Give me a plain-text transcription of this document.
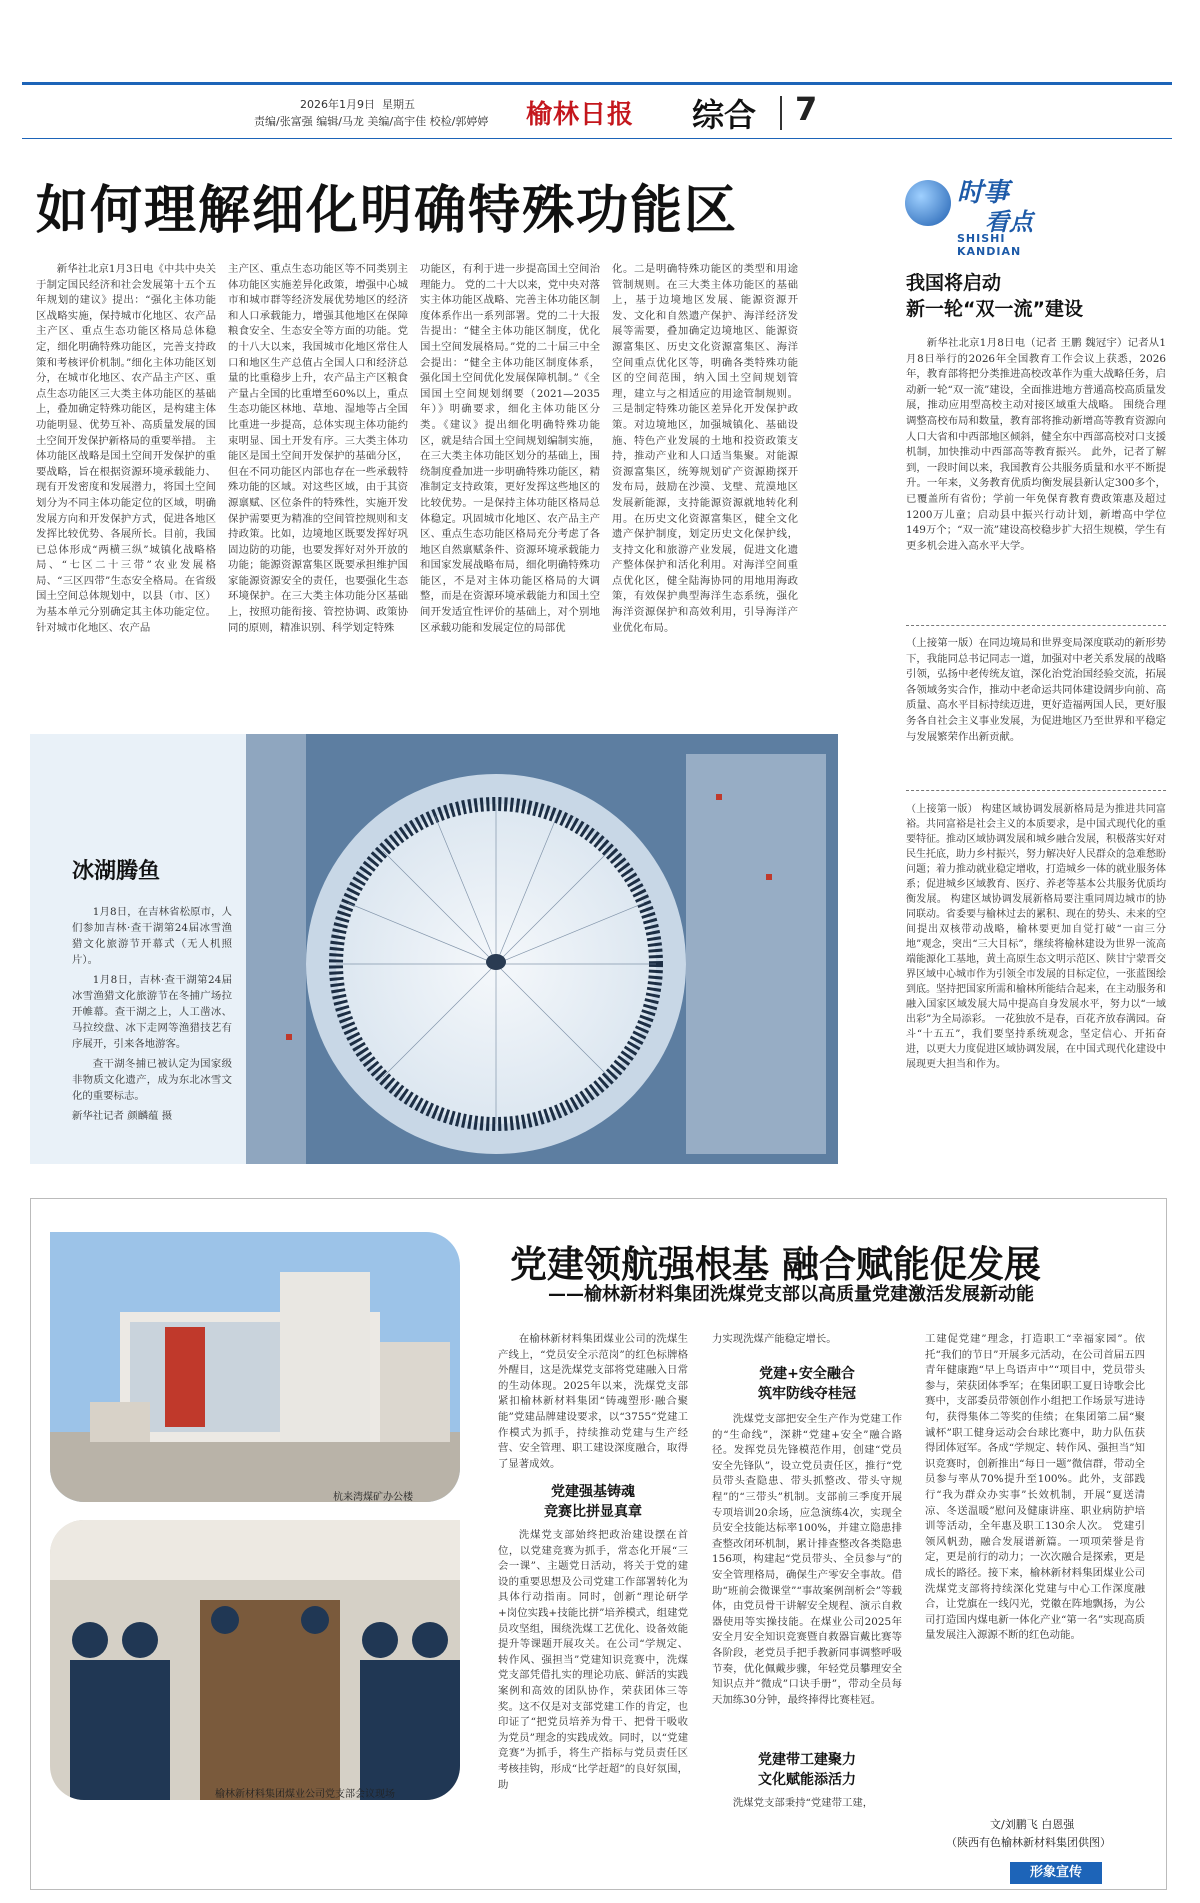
2026年1月9日 星期五
责编/张富强 编辑/马龙 美编/高宇佳 校检/郭婷婷 榆林日报 综合 7
如何理解细化明确特殊功能区

新华社北京1月3日电《中共中央关于制定国民经济和社会发展第十五个五年规划的建议》提出：“强化主体功能区战略实施，保持城市化地区、农产品主产区、重点生态功能区格局总体稳定，细化明确特殊功能区，完善支持政策和考核评价机制。”细化主体功能区划分，在城市化地区、农产品主产区、重点生态功能区三大类主体功能区的基础上，叠加确定特殊功能区，是构建主体功能明显、优势互补、高质量发展的国土空间开发保护新格局的重要举措。 主体功能区战略是国土空间开发保护的重要战略，旨在根据资源环境承载能力、现有开发密度和发展潜力，将国土空间划分为不同主体功能定位的区域，明确发展方向和开发保护方式，促进各地区发挥比较优势、各展所长。目前，我国已总体形成“两横三纵”城镇化战略格局、“七区二十三带”农业发展格局、“三区四带”生态安全格局。在省级国土空间总体规划中，以县（市、区）为基本单元分别确定其主体功能定位。针对城市化地区、农产品

主产区、重点生态功能区等不同类别主体功能区实施差异化政策，增强中心城市和城市群等经济发展优势地区的经济和人口承载能力，增强其他地区在保障粮食安全、生态安全等方面的功能。党的十八大以来，我国城市化地区常住人口和地区生产总值占全国人口和经济总量的比重稳步上升，农产品主产区粮食产量占全国的比重增至60%以上，重点生态功能区林地、草地、湿地等占全国比重进一步提高，总体实现主体功能约束明显、国土开发有序。三大类主体功能区是国土空间开发保护的基础分区，但在不同功能区内部也存在一些承载特殊功能的区域。对这些区域，由于其资源禀赋、区位条件的特殊性，实施开发保护需要更为精准的空间管控规则和支持政策。比如，边境地区既要发挥好巩固边防的功能，也要发挥好对外开放的功能；能源资源富集区既要承担维护国家能源资源安全的责任，也要强化生态环境保护。在三大类主体功能分区基础上，按照功能衔接、管控协调、政策协同的原则，精准识别、科学划定特殊

功能区，有利于进一步提高国土空间治理能力。 党的二十大以来，党中央对落实主体功能区战略、完善主体功能区制度体系作出一系列部署。党的二十大报告提出：“健全主体功能区制度，优化国土空间发展格局。”党的二十届三中全会提出：“健全主体功能区制度体系，强化国土空间优化发展保障机制。”《全国国土空间规划纲要（2021—2035年）》明确要求，细化主体功能区分类。《建议》提出细化明确特殊功能区，就是结合国土空间规划编制实施，在三大类主体功能区划分的基础上，围绕制度叠加进一步明确特殊功能区，精准制定支持政策，更好发挥这些地区的比较优势。一是保持主体功能区格局总体稳定。巩固城市化地区、农产品主产区、重点生态功能区格局充分考虑了各地区自然禀赋条件、资源环境承载能力和国家发展战略布局，细化明确特殊功能区，不是对主体功能区格局的大调整，而是在资源环境承载能力和国土空间开发适宜性评价的基础上，对个别地区承载功能和发展定位的局部优

化。二是明确特殊功能区的类型和用途管制规则。在三大类主体功能区的基础上，基于边境地区发展、能源资源开发、文化和自然遗产保护、海洋经济发展等需要，叠加确定边境地区、能源资源富集区、历史文化资源富集区、海洋空间重点优化区等，明确各类特殊功能区的空间范围，纳入国土空间规划管理，建立与之相适应的用途管制规则。三是制定特殊功能区差异化开发保护政策。对边境地区，加强城镇化、基础设施、特色产业发展的土地和投资政策支持，推动产业和人口适当集聚。对能源资源富集区，统筹规划矿产资源勘探开发布局，鼓励在沙漠、戈壁、荒漠地区发展新能源，支持能源资源就地转化利用。在历史文化资源富集区，健全文化遗产保护制度，划定历史文化保护线，支持文化和旅游产业发展，促进文化遗产整体保护和活化利用。对海洋空间重点优化区，健全陆海协同的用地用海政策，有效保护典型海洋生态系统，强化海洋资源保护和高效利用，引导海洋产业优化布局。

时事
看点
SHISHI KANDIAN
我国将启动
新一轮“双一流”建设

新华社北京1月8日电（记者 王鹏 魏冠宇）记者从1月8日举行的2026年全国教育工作会议上获悉，2026年，教育部将把分类推进高校改革作为重大战略任务，启动新一轮“双一流”建设，全面推进地方普通高校高质量发展，推动应用型高校主动对接区域重大战略。 围绕合理调整高校布局和数量，教育部将推动新增高等教育资源向人口大省和中西部地区倾斜，健全东中西部高校对口支援机制，加快推动中西部高等教育振兴。 此外，记者了解到，一段时间以来，我国教育公共服务质量和水平不断提升。一年来，义务教育优质均衡发展县新认定300多个，已覆盖所有省份；学前一年免保育教育费政策惠及超过1200万儿童；启动县中振兴行动计划，新增高中学位149万个；“双一流”建设高校稳步扩大招生规模，学生有更多机会进入高水平大学。

（上接第一版）在同边境局和世界变局深度联动的新形势下，我能同总书记同志一道，加强对中老关系发展的战略引领，弘扬中老传统友谊，深化治党治国经验交流，拓展各领域务实合作，推动中老命运共同体建设阔步向前、高质量、高水平目标持续迈进，更好造福两国人民，更好服务各自社会主义事业发展，为促进地区乃至世界和平稳定与发展繁荣作出新贡献。

（上接第一版） 构建区域协调发展新格局是为推进共同富裕。共同富裕是社会主义的本质要求，是中国式现代化的重要特征。推动区域协调发展和城乡融合发展，积极落实好对民生托底，助力乡村振兴，努力解决好人民群众的急难愁盼问题；着力推动就业稳定增收，打造城乡一体的就业服务体系；促进城乡区域教育、医疗、养老等基本公共服务优质均衡发展。 构建区域协调发展新格局要注重同周边城市的协同联动。省委要与榆林过去的累积、现在的势头、未来的空间提出双核带动战略，榆林要更加自觉打破“一亩三分地”观念，突出“三大目标”，继续将榆林建设为世界一流高端能源化工基地，黄土高原生态文明示范区、陕甘宁蒙晋交界区域中心城市作为引领全市发展的目标定位，一张蓝图绘到底。坚持把国家所需和榆林所能结合起来，在主动服务和融入国家区域发展大局中提高自身发展水平，努力以“一域出彩”为全局添彩。 一花独放不是春，百花齐放春满园。奋斗“十五五”，我们要坚持系统观念，坚定信心、开拓奋进，以更大力度促进区域协调发展，在中国式现代化建设中展现更大担当和作为。

冰湖腾鱼

1月8日，在吉林省松原市，人们参加吉林·查干湖第24届冰雪渔猎文化旅游节开幕式（无人机照片）。

1月8日，吉林·查干湖第24届冰雪渔猎文化旅游节在冬捕广场拉开帷幕。查干湖之上，人工凿冰、马拉绞盘、冰下走网等渔猎技艺有序展开，引来各地游客。

查干湖冬捕已被认定为国家级非物质文化遗产，成为东北冰雪文化的重要标志。

新华社记者 颜麟蕴 摄

党建领航强根基 融合赋能促发展
——榆林新材料集团洗煤党支部以高质量党建激活发展新动能
杭来湾煤矿办公楼
榆林新材料集团煤业公司党支部会议现场

在榆林新材料集团煤业公司的洗煤生产线上，“党员安全示范岗”的红色标牌格外醒目，这是洗煤党支部将党建融入日常的生动体现。2025年以来，洗煤党支部紧扣榆林新材料集团“铸魂塑形·融合聚能”党建品牌建设要求，以“3755”党建工作模式为抓手，持续推动党建与生产经营、安全管理、职工建设深度融合，取得了显著成效。

党建强基铸魂
竞赛比拼显真章

洗煤党支部始终把政治建设摆在首位，以党建竞赛为抓手，常态化开展“三会一课”、主题党日活动，将关于党的建设的重要思想及公司党建工作部署转化为具体行动指南。同时，创新“理论研学+岗位实践+技能比拼”培养模式，组建党员攻坚组，围绕洗煤工艺优化、设备效能提升等课题开展攻关。在公司“学规定、转作风、强担当”党建知识竞赛中，洗煤党支部凭借扎实的理论功底、鲜活的实践案例和高效的团队协作，荣获团体三等奖。这不仅是对支部党建工作的肯定，也印证了“把党员培养为骨干、把骨干吸收为党员”理念的实践成效。同时，以“党建竞赛”为抓手，将生产指标与党员责任区考核挂钩，形成“比学赶超”的良好氛围，助

力实现洗煤产能稳定增长。

党建+安全融合
筑牢防线夺桂冠

洗煤党支部把安全生产作为党建工作的“生命线”，深耕“党建+安全”融合路径。发挥党员先锋模范作用，创建“党员安全先锋队”，设立党员责任区，推行“党员带头查隐患、带头抓整改、带头守规程”的“三带头”机制。支部前三季度开展专项培训20余场，应急演练4次，实现全员安全技能达标率100%，并建立隐患排查整改闭环机制，累计排查整改各类隐患156项，构建起“党员带头、全员参与”的安全管理格局，确保生产零安全事故。借助“班前会微课堂”“事故案例剖析会”等载体，由党员骨干讲解安全规程、演示自救器使用等实操技能。在煤业公司2025年安全月安全知识竞赛暨自救器盲戴比赛等各阶段，老党员手把手教新同事调整呼吸节奏，优化佩戴步骤，年轻党员攀理安全知识点并“微成”口诀手册”，带动全员每天加练30分钟，最终捧得比赛桂冠。

党建带工建聚力
文化赋能添活力

洗煤党支部秉持“党建带工建，

工建促党建”理念，打造职工“幸福家园”。依托“我们的节日”开展多元活动，在公司首届五四青年健康跑“早上鸟语声中”“项目中，党员带头参与，荣获团体季军；在集团职工夏日诗歌会比赛中，支部委员带领创作小组把工作场景写进诗句，获得集体二等奖的佳绩；在集团第二届“聚诚杯”职工健身运动会台球比赛中，助力队伍获得团体冠军。各成“学规定、转作风、强担当”知识竞赛时，创新推出“每日一题”微信群，带动全员参与率从70%提升至100%。此外，支部践行“我为群众办实事”长效机制，开展“夏送清凉、冬送温暖”慰问及健康讲座、职业病防护培训等活动，全年惠及职工130余人次。 党建引领风帆劲，融合发展谱新篇。一项项荣誉是肯定，更是前行的动力；一次次融合是探索，更是成长的路径。接下来，榆林新材料集团煤业公司洗煤党支部将持续深化党建与中心工作深度融合，让党旗在一线闪光，党徽在阵地飘扬，为公司打造国内煤电新一体化产业“第一名”实现高质量发展注入源源不断的红色动能。

文/刘鹏飞 白恩强
（陕西有色榆林新材料集团供图）
形象宣传
